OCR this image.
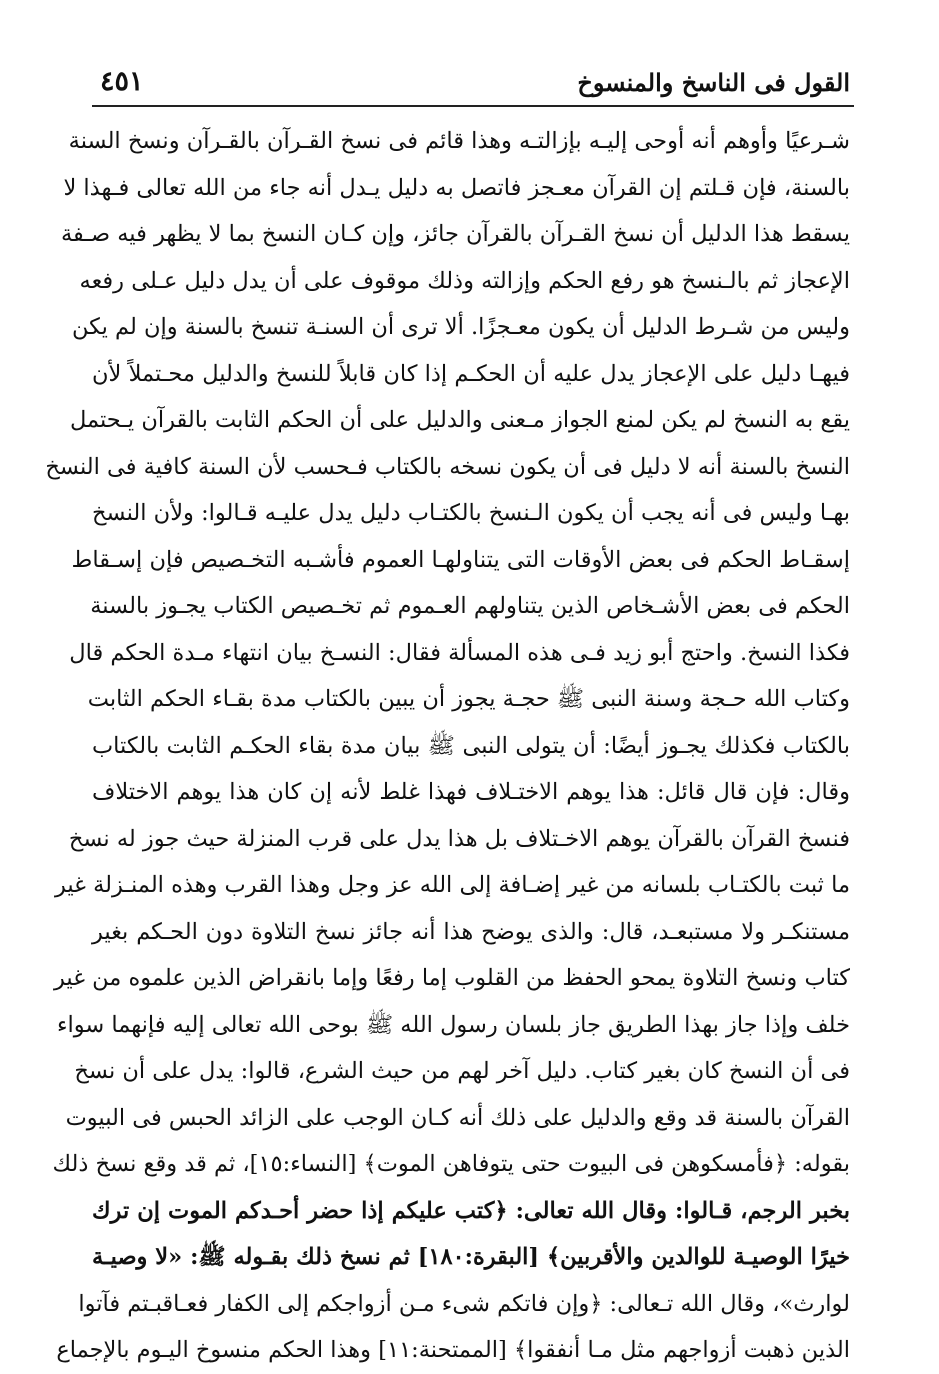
القول فى الناسخ والمنسوخ
٤٥١
شـرعيًا وأوهم أنه أوحى إليـه بإزالتـه وهذا قائم فى نسخ القـرآن بالقـرآن ونسخ السنة
بالسنة، فإن قـلتم إن القرآن معـجز فاتصل به دليل يـدل أنه جاء من الله تعالى فـهذا لا
يسقط هذا الدليل أن نسخ القـرآن بالقرآن جائز، وإن كـان النسخ بما لا يظهر فيه صـفة
الإعجاز ثم بالـنسخ هو رفع الحكم وإزالته وذلك موقوف على أن يدل دليل عـلى رفعه
وليس من شـرط الدليل أن يكون معـجزًا. ألا ترى أن السنـة تنسخ بالسنة وإن لم يكن
فيهـا دليل على الإعجاز يدل عليه أن الحكـم إذا كان قابلاً للنسخ والدليل محـتملاً لأن
يقع به النسخ لم يكن لمنع الجواز مـعنى والدليل على أن الحكم الثابت بالقرآن يـحتمل
النسخ بالسنة أنه لا دليل فى أن يكون نسخه بالكتاب فـحسب لأن السنة كافية فى النسخ
بهـا وليس فى أنه يجب أن يكون الـنسخ بالكتـاب دليل يدل عليـه قـالوا: ولأن النسخ
إسقـاط الحكم فى بعض الأوقات التى يتناولهـا العموم فأشـبه التخـصيص فإن إسـقاط
الحكم فى بعض الأشـخاص الذين يتناولهم العـموم ثم تخـصيص الكتاب يجـوز بالسنة
فكذا النسخ. واحتج أبو زيد فـى هذه المسألة فقال: النسـخ بيان انتهاء مـدة الحكم قال
وكتاب الله حـجة وسنة النبى ﷺ حجـة يجوز أن يبين بالكتاب مدة بقـاء الحكم الثابت
بالكتاب فكذلك يجـوز أيضًا: أن يتولى النبى ﷺ بيان مدة بقاء الحكـم الثابت بالكتاب
وقال: فإن قال قائل: هذا يوهم الاختـلاف فهذا غلط لأنه إن كان هذا يوهم الاختلاف
فنسخ القرآن بالقرآن يوهم الاخـتلاف بل هذا يدل على قرب المنزلة حيث جوز له نسخ
ما ثبت بالكتـاب بلسانه من غير إضـافة إلى الله عز وجل وهذا القرب وهذه المنـزلة غير
مستنكـر ولا مستبعـد، قال: والذى يوضح هذا أنه جائز نسخ التلاوة دون الحـكم بغير
كتاب ونسخ التلاوة يمحو الحفظ من القلوب إما رفعًا وإما بانقراض الذين علموه من غير
خلف وإذا جاز بهذا الطريق جاز بلسان رسول الله ﷺ بوحى الله تعالى إليه فإنهما سواء
فى أن النسخ كان بغير كتاب. دليل آخر لهم من حيث الشرع، قالوا: يدل على أن نسخ
القرآن بالسنة قد وقع والدليل على ذلك أنه كـان الوجب على الزائد الحبس فى البيوت
بقوله: ﴿فأمسكوهن فى البيوت حتى يتوفاهن الموت﴾ [النساء:١٥]، ثم قد وقع نسخ ذلك
بخبر الرجم، قـالوا: وقال الله تعالى: ﴿كتب عليكم إذا حضر أحـدكم الموت إن ترك
خيرًا الوصيـة للوالدين والأقربين﴾ [البقرة:١٨٠] ثم نسخ ذلك بقـوله ﷺ: «لا وصيـة
لوارث»، وقال الله تـعالى: ﴿وإن فاتكم شىء مـن أزواجكم إلى الكفار فعـاقبـتم فآتوا
الذين ذهبت أزواجهم مثل مـا أنفقوا﴾ [الممتحنة:١١] وهذا الحكم منسوخ اليـوم بالإجماع
